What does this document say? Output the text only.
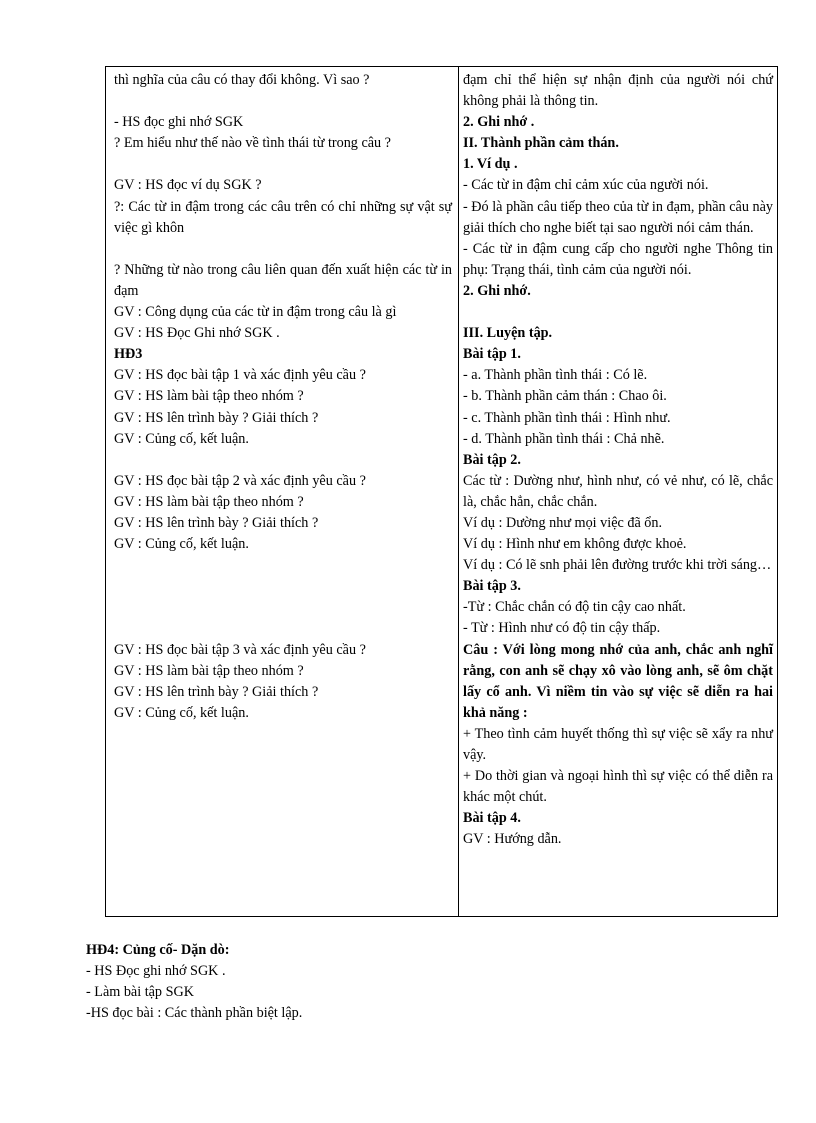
thì nghĩa của câu có thay đổi không. Vì sao ?
- HS đọc ghi nhớ SGK
? Em hiểu như thế nào về tình thái từ trong câu ?
GV : HS đọc ví dụ SGK ?
?: Các từ in đậm trong các câu trên có chỉ những sự vật sự việc gì khôn
? Những từ nào trong câu liên quan đến xuất hiện các từ in đạm
GV : Công dụng của các từ in đậm trong câu là gì
GV : HS Đọc Ghi nhớ SGK .
HĐ3
GV : HS đọc bài tập 1 và xác định yêu cầu ?
GV : HS làm bài tập theo nhóm ?
GV : HS lên trình bày ? Giải thích ?
GV : Củng cố, kết luận.
GV : HS đọc bài tập 2 và xác định yêu cầu ?
GV : HS làm bài tập theo nhóm ?
GV : HS lên trình bày ? Giải thích ?
GV : Củng cố, kết luận.
GV : HS đọc bài tập 3 và xác định yêu cầu ?
GV : HS làm bài tập theo nhóm ?
GV : HS lên trình bày ? Giải thích ?
GV : Củng cố, kết luận.
đạm chỉ thể hiện sự nhận định của người nói chứ không phải là thông tin.
2. Ghi nhớ .
II. Thành phần cảm thán.
1. Ví dụ .
- Các từ in đậm chỉ cảm xúc của người nói.
- Đó là phần câu tiếp theo của từ in đạm, phần câu này giải thích cho nghe biết tại sao người nói cảm thán.
- Các từ in đậm cung cấp cho người nghe Thông tin phụ: Trạng thái, tình cảm của người nói.
2. Ghi nhớ.
III. Luyện tập.
Bài tập 1.
- a. Thành phần tình thái : Có lẽ.
- b. Thành phần cảm thán : Chao ôi.
- c. Thành phần tình thái : Hình như.
- d. Thành phần tình thái : Chả nhẽ.
Bài tập 2.
Các từ : Dường như, hình như, có vẻ như, có lẽ, chắc là, chắc hẳn, chắc chắn.
Ví dụ : Dường như mọi việc đã ổn.
Ví dụ : Hình như em không được khoẻ.
Ví dụ : Có lẽ snh phải lên đường trước khi trời sáng…
Bài tập 3.
-Từ : Chắc chắn có độ tin cậy cao nhất.
- Từ : Hình như có độ tin cậy thấp.
Câu : Với lòng mong nhớ của anh, chắc anh nghĩ rằng, con anh sẽ chạy xô vào lòng anh, sẽ ôm chặt lấy cổ anh. Vì niềm tin vào sự việc sẽ diễn ra hai khả năng :
+ Theo tình cảm huyết thống thì sự việc sẽ xẩy ra như vậy.
+ Do thời gian và ngoại hình thì sự việc có thể diễn ra khác một chút.
Bài tập 4.
GV : Hướng dẫn.
HĐ4: Củng cố- Dặn dò:
- HS Đọc ghi nhớ SGK .
- Làm bài tập SGK
-HS đọc bài : Các thành phần biệt lập.
